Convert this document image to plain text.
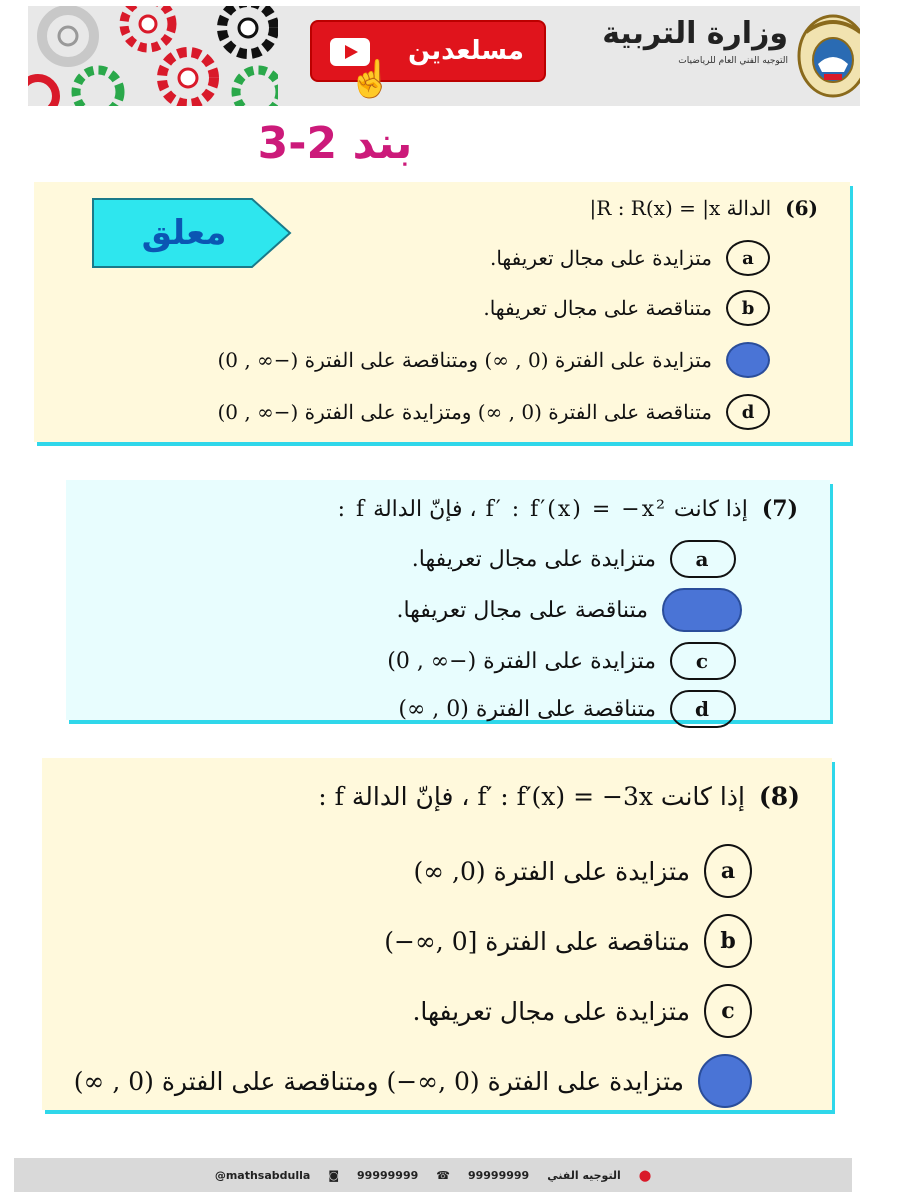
مسلعدين
☝
وزارة التربية
التوجيه الفني العام للرياضيات
بند 2-3
(6)الدالة R : R(x) = |x|
a
متزايدة على مجال تعريفها.
b
متناقصة على مجال تعريفها.
متزايدة على الفترة (0 , ∞) ومتناقصة على الفترة (−∞ , 0)
d
متناقصة على الفترة (0 , ∞) ومتزايدة على الفترة (−∞ , 0)
معلق
(7)إذا كانت f′ : f′(x) = −x² ، فإنّ الدالة f :
a
متزايدة على مجال تعريفها.
متناقصة على مجال تعريفها.
c
متزايدة على الفترة (−∞ , 0)
d
متناقصة على الفترة (0 , ∞)
(8)إذا كانت f′ : f′(x) = −3x ، فإنّ الدالة f :
a
متزايدة على الفترة (0, ∞)
b
متناقصة على الفترة [0 ,∞−)
c
متزايدة على مجال تعريفها.
متزايدة على الفترة (0 ,∞−) ومتناقصة على الفترة (0 , ∞)
@mathsabdulla ◙ 99999999 ☎ 99999999 التوجيه الفني ⬤
